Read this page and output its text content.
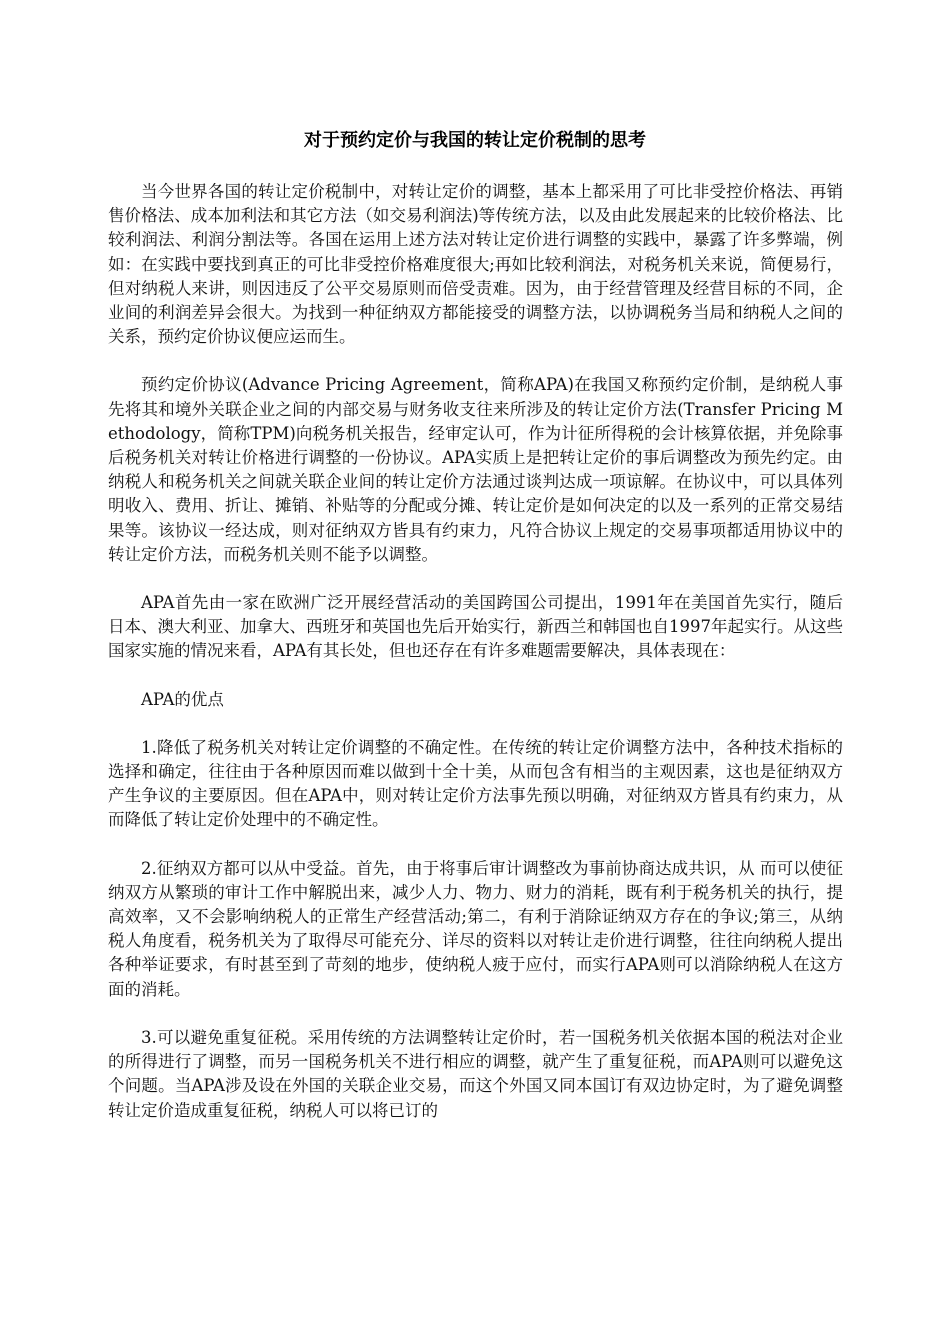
对于预约定价与我国的转让定价税制的思考

当今世界各国的转让定价税制中，对转让定价的调整，基本上都采用了可比非受控价格法、再销售价格法、成本加利法和其它方法（如交易利润法)等传统方法，以及由此发展起来的比较价格法、比较利润法、利润分割法等。各国在运用上述方法对转让定价进行调整的实践中，暴露了许多弊端，例如：在实践中要找到真正的可比非受控价格难度很大;再如比较利润法，对税务机关来说，简便易行，但对纳税人来讲，则因违反了公平交易原则而倍受责难。因为，由于经营管理及经营目标的不同，企业间的利润差异会很大。为找到一种征纳双方都能接受的调整方法，以协调税务当局和纳税人之间的关系，预约定价协议便应运而生。

预约定价协议(Advance Pricing Agreement，简称APA)在我国又称预约定价制，是纳税人事先将其和境外关联企业之间的内部交易与财务收支往来所涉及的转让定价方法(Transfer Pricing Methodology，简称TPM)向税务机关报告，经审定认可，作为计征所得税的会计核算依据，并免除事后税务机关对转让价格进行调整的一份协议。APA实质上是把转让定价的事后调整改为预先约定。由纳税人和税务机关之间就关联企业间的转让定价方法通过谈判达成一项谅解。在协议中，可以具体列明收入、费用、折让、摊销、补贴等的分配或分摊、转让定价是如何决定的以及一系列的正常交易结果等。该协议一经达成，则对征纳双方皆具有约束力，凡符合协议上规定的交易事项都适用协议中的转让定价方法，而税务机关则不能予以调整。

APA首先由一家在欧洲广泛开展经营活动的美国跨国公司提出，1991年在美国首先实行，随后日本、澳大利亚、加拿大、西班牙和英国也先后开始实行，新西兰和韩国也自1997年起实行。从这些国家实施的情况来看，APA有其长处，但也还存在有许多难题需要解决，具体表现在：

APA的优点

1.降低了税务机关对转让定价调整的不确定性。在传统的转让定价调整方法中，各种技术指标的选择和确定，往往由于各种原因而难以做到十全十美，从而包含有相当的主观因素，这也是征纳双方产生争议的主要原因。但在APA中，则对转让定价方法事先预以明确，对征纳双方皆具有约束力，从而降低了转让定价处理中的不确定性。

2.征纳双方都可以从中受益。首先，由于将事后审计调整改为事前协商达成共识，从 而可以使征纳双方从繁琐的审计工作中解脱出来，减少人力、物力、财力的消耗，既有利于税务机关的执行，提高效率，又不会影响纳税人的正常生产经营活动;第二，有利于消除证纳双方存在的争议;第三，从纳税人角度看，税务机关为了取得尽可能充分、详尽的资料以对转让走价进行调整，往往向纳税人提出各种举证要求，有时甚至到了苛刻的地步，使纳税人疲于应付，而实行APA则可以消除纳税人在这方面的消耗。

3.可以避免重复征税。采用传统的方法调整转让定价时，若一国税务机关依据本国的税法对企业的所得进行了调整，而另一国税务机关不进行相应的调整，就产生了重复征税，而APA则可以避免这个问题。当APA涉及设在外国的关联企业交易，而这个外国又同本国订有双边协定时，为了避免调整转让定价造成重复征税，纳税人可以将已订的
